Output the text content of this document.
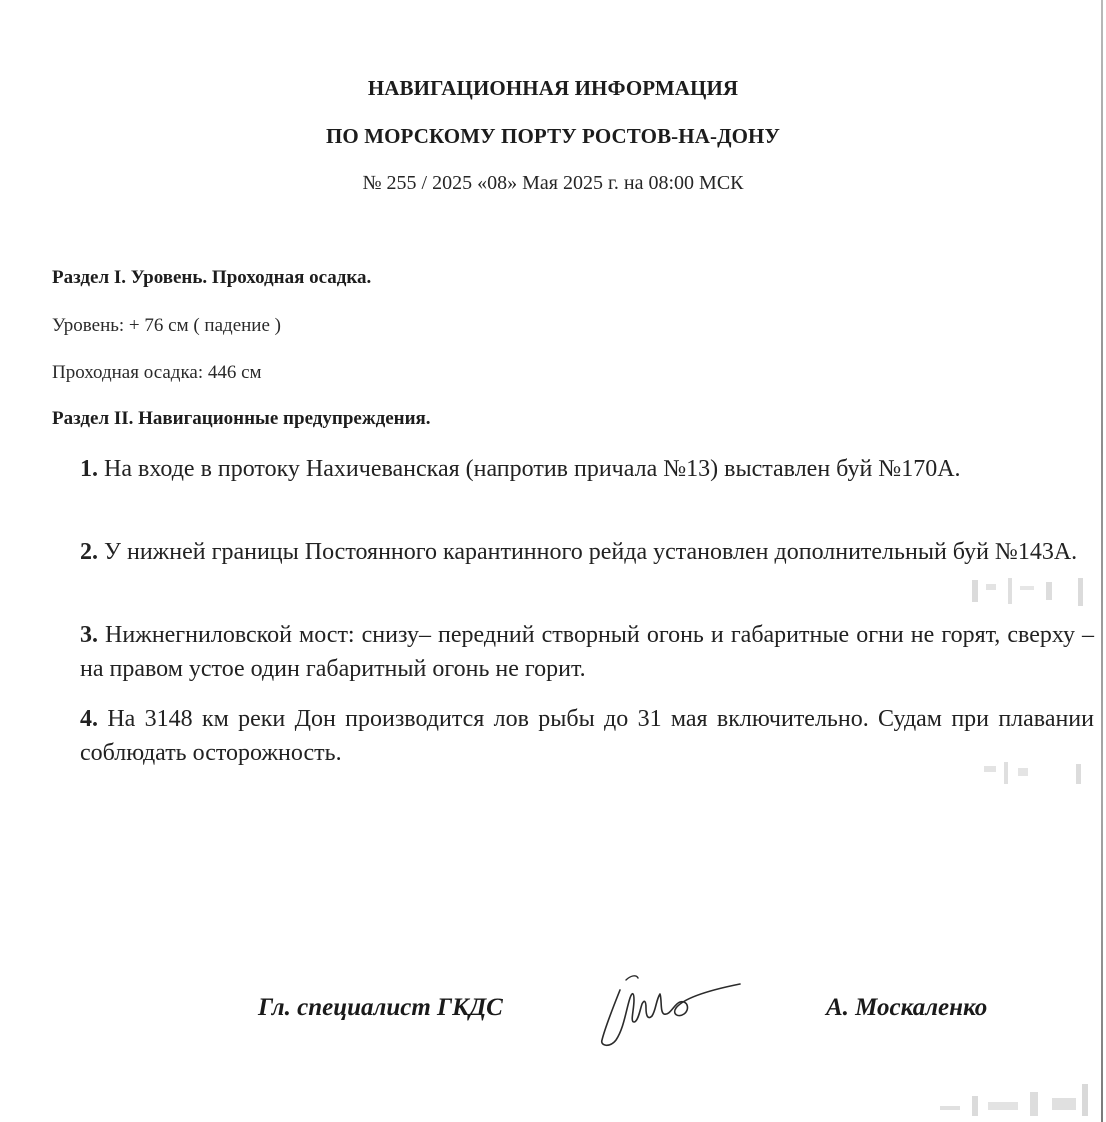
НАВИГАЦИОННАЯ ИНФОРМАЦИЯ
ПО МОРСКОМУ ПОРТУ РОСТОВ-НА-ДОНУ
№ 255 / 2025 «08» Мая 2025 г. на 08:00 МСК
Раздел I. Уровень. Проходная осадка.
Уровень: + 76 см ( падение )
Проходная осадка: 446 см
Раздел II. Навигационные предупреждения.
1. На входе в протоку Нахичеванская (напротив причала №13) выставлен буй №170А.
2. У нижней границы Постоянного карантинного рейда установлен дополнительный буй №143А.
3. Нижнегниловской мост: снизу– передний створный огонь и габаритные огни не горят, сверху – на правом устое один габаритный огонь не горит.
4. На 3148 км реки Дон производится лов рыбы до 31 мая включительно. Судам при плавании соблюдать осторожность.
Гл. специалист ГКДС	А. Москаленко
